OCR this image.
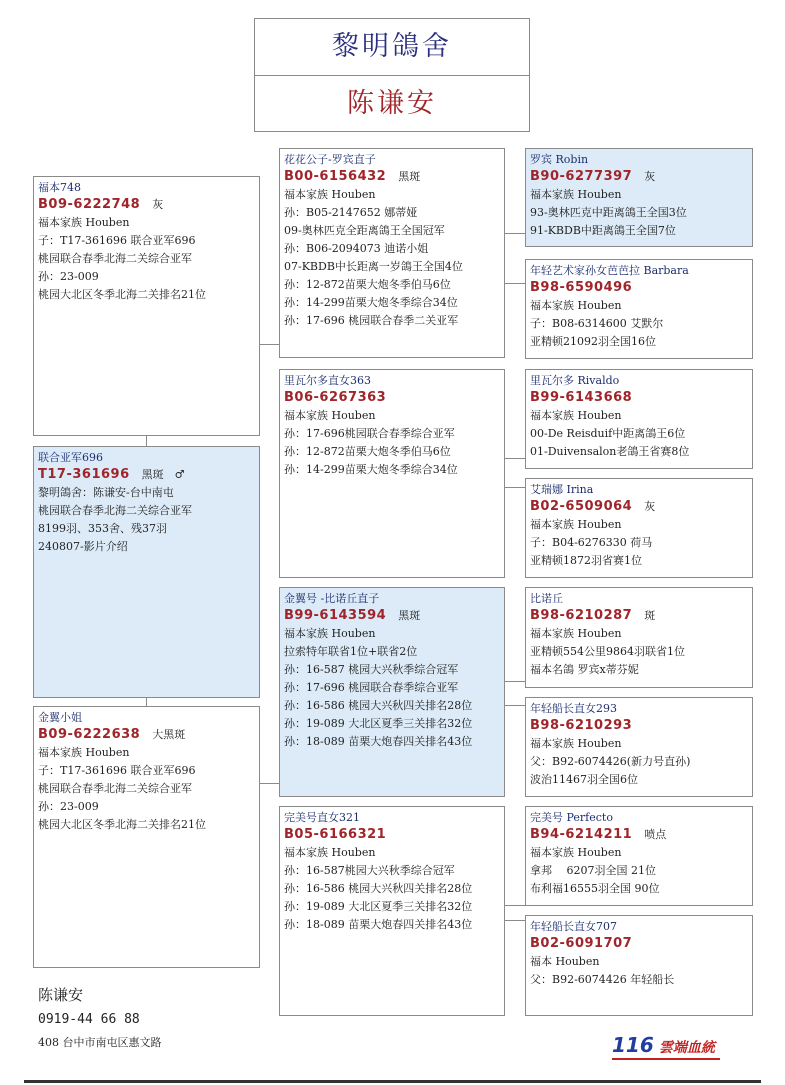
黎明鴿舍
陈谦安
福本748
B09-6222748 灰
福本家族 Houben
子：T17-361696 联合亚军696
桃园联合春季北海二关综合亚军
孙：23-009
桃园大北区冬季北海二关排名21位
联合亚军696
T17-361696 黑斑　♂
黎明鴿舍：陈谦安-台中南屯
桃园联合春季北海二关综合亚军
8199羽、353舍、残37羽
240807-影片介绍
金翼小姐
B09-6222638 大黑斑
福本家族 Houben
子：T17-361696 联合亚军696
桃园联合春季北海二关综合亚军
孙：23-009
桃园大北区冬季北海二关排名21位
花花公子-罗宾直子
B00-6156432 黑斑
福本家族 Houben
孙：B05-2147652 娜蒂娅
09-奥林匹克全距离鴿王全国冠军
孙：B06-2094073 迪诺小姐
07-KBDB中长距离一岁鴿王全国4位
孙：12-872苗栗大炮冬季伯马6位
孙：14-299苗栗大炮冬季综合34位
孙：17-696 桃园联合春季二关亚军
里瓦尔多直女363
B06-6267363
福本家族 Houben
孙：17-696桃园联合春季综合亚军
孙：12-872苗栗大炮冬季伯马6位
孙：14-299苗栗大炮冬季综合34位
金翼号 -比诺丘直子
B99-6143594 黑斑
福本家族 Houben
拉索特年联省1位+联省2位
孙：16-587 桃园大兴秋季综合冠军
孙：17-696 桃园联合春季综合亚军
孙：16-586 桃园大兴秋四关排名28位
孙：19-089 大北区夏季三关排名32位
孙：18-089 苗栗大炮春四关排名43位
完美号直女321
B05-6166321
福本家族 Houben
孙：16-587桃园大兴秋季综合冠军
孙：16-586 桃园大兴秋四关排名28位
孙：19-089 大北区夏季三关排名32位
孙：18-089 苗栗大炮春四关排名43位
罗宾 Robin
B90-6277397 灰
福本家族 Houben
93-奥林匹克中距离鴿王全国3位
91-KBDB中距离鴿王全国7位
年轻艺术家孙女芭芭拉 Barbara
B98-6590496
福本家族 Houben
子：B08-6314600 艾默尔
亚精顿21092羽全国16位
里瓦尔多 Rivaldo
B99-6143668
福本家族 Houben
00-De Reisduif中距离鴿王6位
01-Duivensalon老鴿王省赛8位
艾瑞娜 Irina
B02-6509064 灰
福本家族 Houben
子：B04-6276330 荷马
亚精顿1872羽省赛1位
比诺丘
B98-6210287 斑
福本家族 Houben
亚精顿554公里9864羽联省1位
福本名鴿 罗宾x蒂芬妮
年轻船长直女293
B98-6210293
福本家族 Houben
父：B92-6074426(新力号直孙)
波治11467羽全国6位
完美号 Perfecto
B94-6214211 喷点
福本家族 Houben
拿邦　 6207羽全国 21位
布利福16555羽全国 90位
年轻船长直女707
B02-6091707
福本 Houben
父：B92-6074426 年轻船长
陈谦安
0919-44 66 88
408 台中市南屯区惠文路	116 雲端血統
